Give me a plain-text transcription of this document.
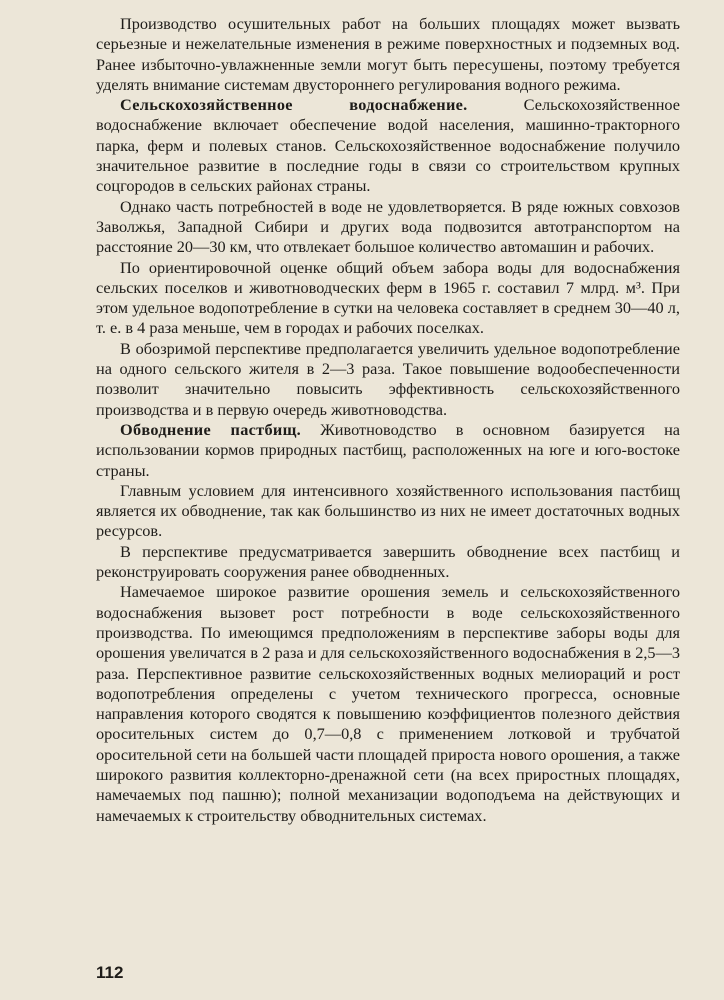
Производство осушительных работ на больших площадях может вызвать серьезные и нежелательные изменения в режиме поверхностных и подземных вод. Ранее избыточно-увлажненные земли могут быть пересушены, поэтому требуется уделять внимание системам двустороннего регулирования водного режима.

Сельскохозяйственное водоснабжение. Сельскохозяйственное водоснабжение включает обеспечение водой населения, машинно-тракторного парка, ферм и полевых станов. Сельскохозяйственное водоснабжение получило значительное развитие в последние годы в связи со строительством крупных соцгородов в сельских районах страны.

Однако часть потребностей в воде не удовлетворяется. В ряде южных совхозов Заволжья, Западной Сибири и других вода подвозится автотранспортом на расстояние 20—30 км, что отвлекает большое количество автомашин и рабочих.

По ориентировочной оценке общий объем забора воды для водоснабжения сельских поселков и животноводческих ферм в 1965 г. составил 7 млрд. м³. При этом удельное водопотребление в сутки на человека составляет в среднем 30—40 л, т. е. в 4 раза меньше, чем в городах и рабочих поселках.

В обозримой перспективе предполагается увеличить удельное водопотребление на одного сельского жителя в 2—3 раза. Такое повышение водообеспеченности позволит значительно повысить эффективность сельскохозяйственного производства и в первую очередь животноводства.

Обводнение пастбищ. Животноводство в основном базируется на использовании кормов природных пастбищ, расположенных на юге и юго-востоке страны.

Главным условием для интенсивного хозяйственного использования пастбищ является их обводнение, так как большинство из них не имеет достаточных водных ресурсов.

В перспективе предусматривается завершить обводнение всех пастбищ и реконструировать сооружения ранее обводненных.

Намечаемое широкое развитие орошения земель и сельскохозяйственного водоснабжения вызовет рост потребности в воде сельскохозяйственного производства. По имеющимся предположениям в перспективе заборы воды для орошения увеличатся в 2 раза и для сельскохозяйственного водоснабжения в 2,5—3 раза. Перспективное развитие сельскохозяйственных водных мелиораций и рост водопотребления определены с учетом технического прогресса, основные направления которого сводятся к повышению коэффициентов полезного действия оросительных систем до 0,7—0,8 с применением лотковой и трубчатой оросительной сети на большей части площадей прироста нового орошения, а также широкого развития коллекторно-дренажной сети (на всех приростных площадях, намечаемых под пашню); полной механизации водоподъема на действующих и намечаемых к строительству обводнительных системах.

112
